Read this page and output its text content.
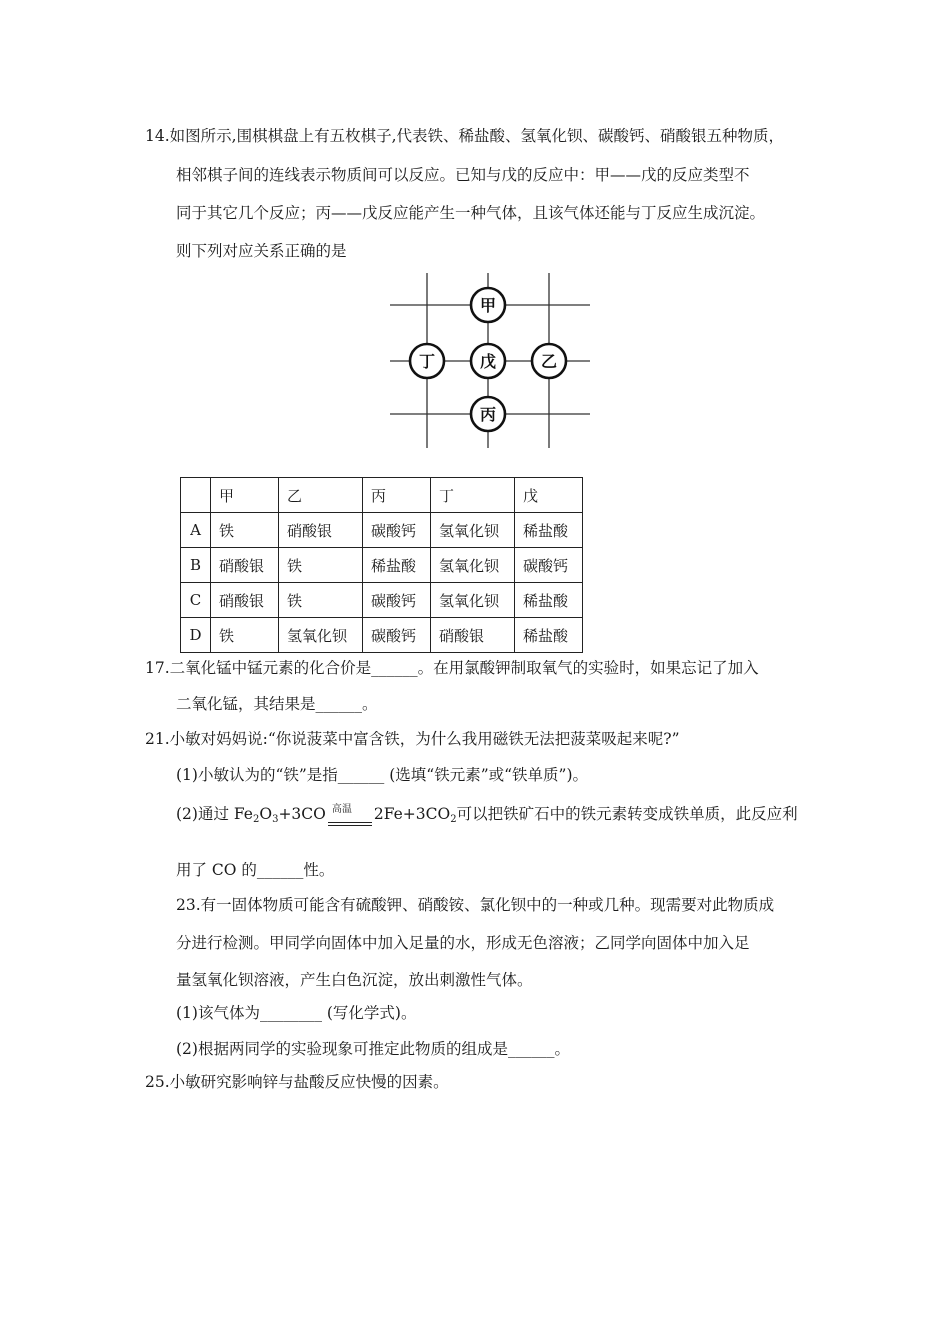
14.如图所示,围棋棋盘上有五枚棋子,代表铁、稀盐酸、氢氧化钡、碳酸钙、硝酸银五种物质，
相邻棋子间的连线表示物质间可以反应。已知与戊的反应中：甲——戊的反应类型不
同于其它几个反应；丙——戊反应能产生一种气体，且该气体还能与丁反应生成沉淀。
则下列对应关系正确的是
甲
丁	戊	乙
丙
	甲	乙	丙	丁	戊
A	铁	硝酸银	碳酸钙	氢氧化钡	稀盐酸
B	硝酸银	铁	稀盐酸	氢氧化钡	碳酸钙
C	硝酸银	铁	碳酸钙	氢氧化钡	稀盐酸
D	铁	氢氧化钡	碳酸钙	硝酸银	稀盐酸
17.二氧化锰中锰元素的化合价是______。在用氯酸钾制取氧气的实验时，如果忘记了加入
二氧化锰，其结果是______。
21.小敏对妈妈说:“你说菠菜中富含铁，为什么我用磁铁无法把菠菜吸起来呢?”
(1)小敏认为的“铁”是指______ (选填“铁元素”或“铁单质”)。
(2)通过 $Fe_2O_3+3CO$ 高温 $2Fe+3CO_2$可以把铁矿石中的铁元素转变成铁单质，此反应利
用了 CO 的______性。
23.有一固体物质可能含有硫酸钾、硝酸铵、氯化钡中的一种或几种。现需要对此物质成
分进行检测。甲同学向固体中加入足量的水，形成无色溶液；乙同学向固体中加入足
量氢氧化钡溶液，产生白色沉淀，放出刺激性气体。
(1)该气体为________ (写化学式)。
(2)根据两同学的实验现象可推定此物质的组成是______。
25.小敏研究影响锌与盐酸反应快慢的因素。
